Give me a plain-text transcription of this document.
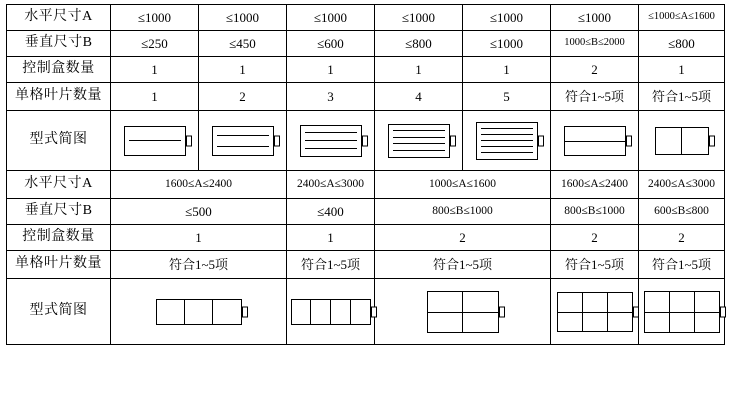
水平尺寸A	≤1000	≤1000	≤1000	≤1000	≤1000	≤1000	≤1000≤A≤1600
垂直尺寸B	≤250	≤450	≤600	≤800	≤1000	1000≤B≤2000	≤800
控制盒数量	1	1	1	1	1	2	1
单格叶片数量	1	2	3	4	5	符合1~5项	符合1~5项
型式简图	

水平尺寸A	1600≤A≤2400		2400≤A≤3000	1000≤A≤1600		1600≤A≤2400	2400≤A≤3000
垂直尺寸B	≤500		≤400	800≤B≤1000		800≤B≤1000	600≤B≤800
控制盒数量	1		1	2		2	2
单格叶片数量	符合1~5项		符合1~5项	符合1~5项		符合1~5项	符合1~5项
型式简图			
